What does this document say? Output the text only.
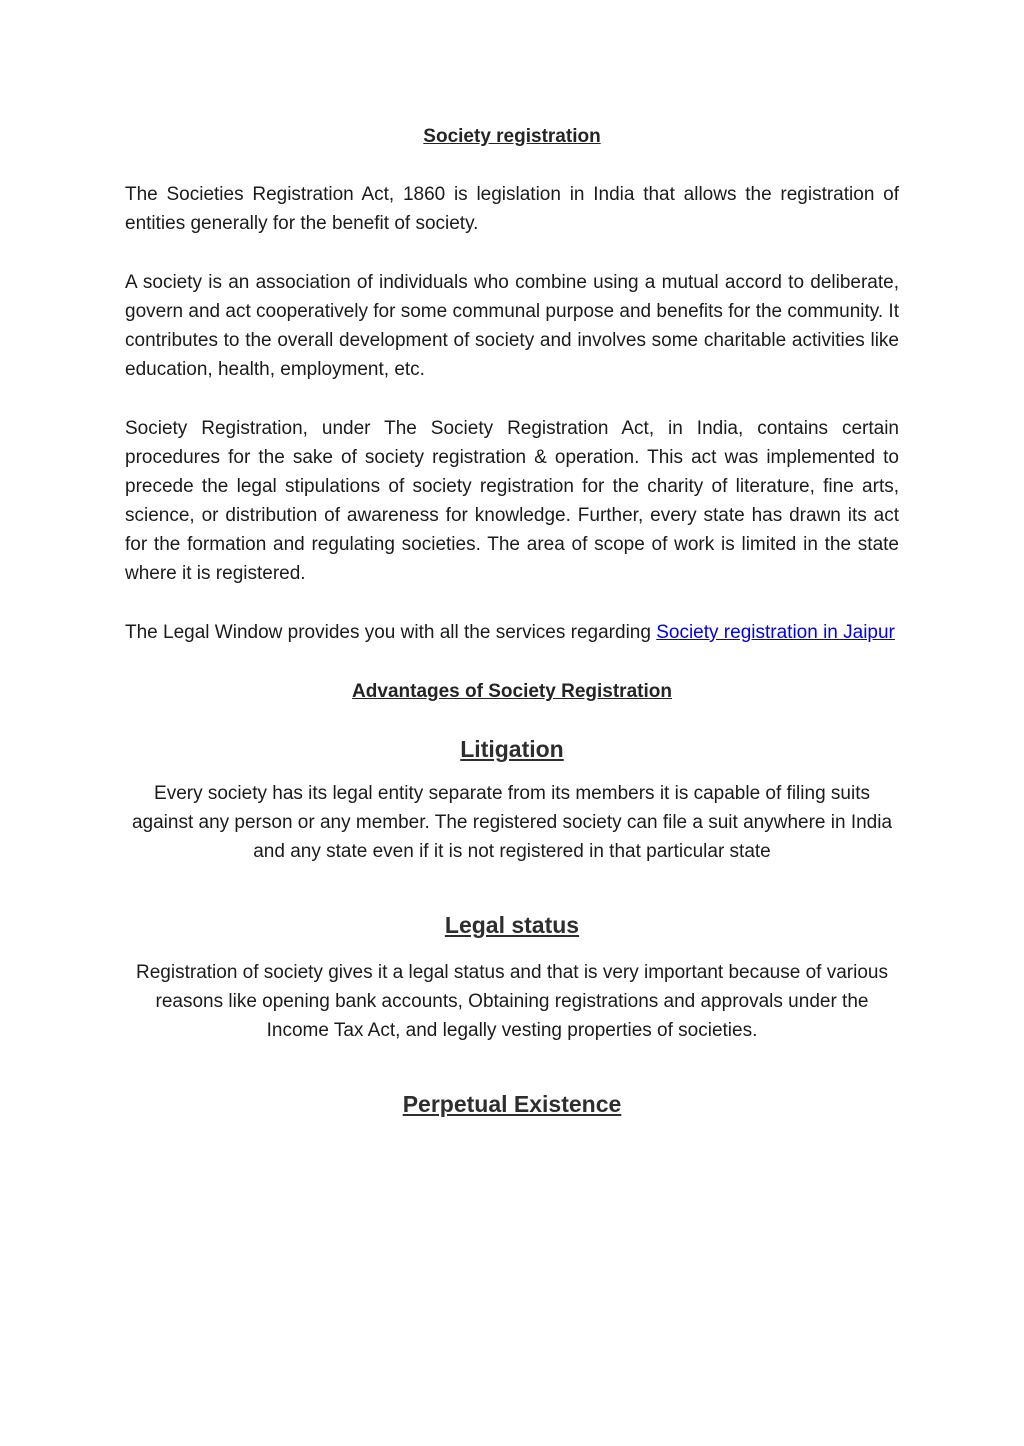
Society registration

The Societies Registration Act, 1860 is legislation in India that allows the registration of entities generally for the benefit of society.

A society is an association of individuals who combine using a mutual accord to deliberate, govern and act cooperatively for some communal purpose and benefits for the community. It contributes to the overall development of society and involves some charitable activities like education, health, employment, etc.

Society Registration, under The Society Registration Act, in India, contains certain procedures for the sake of society registration & operation. This act was implemented to precede the legal stipulations of society registration for the charity of literature, fine arts, science, or distribution of awareness for knowledge. Further, every state has drawn its act for the formation and regulating societies. The area of scope of work is limited in the state where it is registered.

The Legal Window provides you with all the services regarding Society registration in Jaipur

Advantages of Society Registration
Litigation

Every society has its legal entity separate from its members it is capable of filing suits against any person or any member. The registered society can file a suit anywhere in India and any state even if it is not registered in that particular state

Legal status

Registration of society gives it a legal status and that is very important because of various reasons like opening bank accounts, Obtaining registrations and approvals under the Income Tax Act, and legally vesting properties of societies.

Perpetual Existence
